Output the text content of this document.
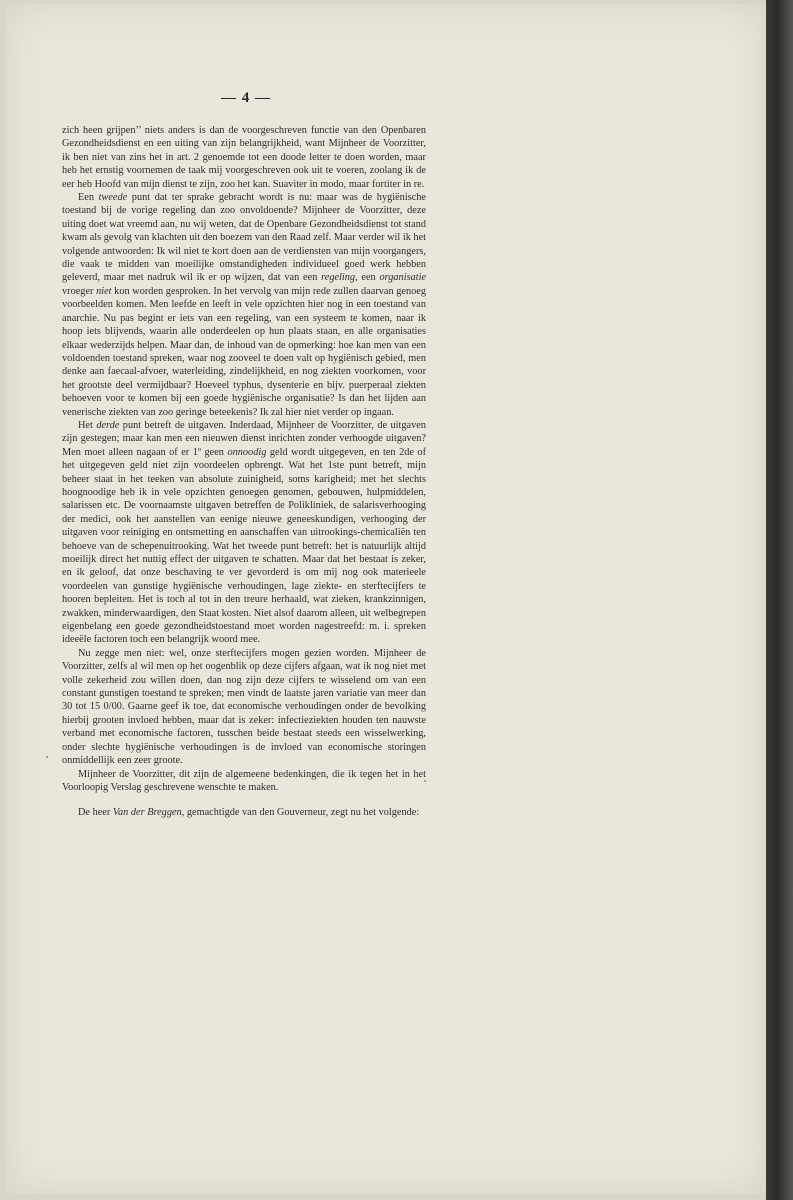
— 4 —

zich heen grijpen’’ niets anders is dan de voorgeschreven functie van den Openbaren Gezondheidsdienst en een uiting van zijn belangrijkheid, want Mijnheer de Voorzitter, ik ben niet van zins het in art. 2 genoemde tot een doode letter te doen worden, maar heb het ernstig voornemen de taak mij voorgeschreven ook uit te voeren, zoolang ik de eer heb Hoofd van mijn dienst te zijn, zoo het kan. Suaviter in modo, maar fortiter in re.

Een tweede punt dat ter sprake gebracht wordt is nu: maar was de hygiënische toestand bij de vorige regeling dan zoo onvoldoende? Mijnheer de Voorzitter, deze uiting doet wat vreemd aan, nu wij weten, dat de Openbare Gezondheidsdienst tot stand kwam als gevolg van klachten uit den boezem van den Raad zelf. Maar verder wil ik het volgende antwoorden: Ik wil niet te kort doen aan de verdiensten van mijn voorgangers, die vaak te midden van moeilijke omstandigheden individueel goed werk hebben geleverd, maar met nadruk wil ik er op wijzen, dat van een regeling, een organisatie vroeger niet kon worden gesproken. In het vervolg van mijn rede zullen daarvan genoeg voorbeelden komen. Men leefde en leeft in vele opzichten hier nog in een toestand van anarchie. Nu pas begint er iets van een regeling, van een systeem te komen, naar ik hoop iets blijvends, waarin alle onderdeelen op hun plaats staan, en alle organisaties elkaar wederzijds helpen. Maar dan, de inhoud van de opmerking: hoe kan men van een voldoenden toestand spreken, waar nog zooveel te doen valt op hygiënisch gebied, men denke aan faecaal-afvoer, waterleiding, zindelijkheid, en nog ziekten voorkomen, voor het grootste deel vermijdbaar? Hoeveel typhus, dysenterie en bijv. puerperaal ziekten behoeven voor te komen bij een goede hygiënische organisatie? Is dan het lijden aan venerische ziekten van zoo geringe beteekenis? Ik zal hier niet verder op ingaan.

Het derde punt betreft de uitgaven. Inderdaad, Mijnheer de Voorzitter, de uitgaven zijn gestegen; maar kan men een nieuwen dienst inrichten zonder verhoogde uitgaven? Men moet alleen nagaan of er 1º geen onnoodig geld wordt uitgegeven, en ten 2de of het uitgegeven geld niet zijn voordeelen opbrengt. Wat het 1ste punt betreft, mijn beheer staat in het teeken van absolute zuinigheid, soms karigheid; met het slechts hoognoodige heb ik in vele opzichten genoegen genomen, gebouwen, hulpmiddelen, salarissen etc. De voornaamste uitgaven betreffen de Polikliniek, de salarisverhooging der medici, ook het aanstellen van eenige nieuwe geneeskundigen, verhooging der uitgaven voor reiniging en ontsmetting en aanschaffen van uitrookings-chemicaliën ten behoeve van de schepenuitrooking. Wat het tweede punt betreft: het is natuurlijk altijd moeilijk direct het nuttig effect der uitgaven te schatten. Maar dat het bestaat is zeker, en ik geloof, dat onze beschaving te ver gevorderd is om mij nog ook materieele voordeelen van gunstige hygiënische verhoudingen, lage ziekte- en sterftecijfers te hooren bepleiten. Het is toch al tot in den treure herhaald, wat zieken, krankzinnigen, zwakken, minderwaardigen, den Staat kosten. Niet alsof daarom alleen, uit welbegrepen eigenbelang een goede gezondheidstoestand moet worden nagestreefd: m. i. spreken ideeële factoren toch een belangrijk woord mee.

Nu zegge men niet: wel, onze sterftecijfers mogen gezien worden. Mijnheer de Voorzitter, zelfs al wil men op het oogenblik op deze cijfers afgaan, wat ik nog niet met volle zekerheid zou willen doen, dan nog zijn deze cijfers te wisselend om van een constant gunstigen toestand te spreken; men vindt de laatste jaren variatie van meer dan 30 tot 15 0/00. Gaarne geef ik toe, dat economische verhoudingen onder de bevolking hierbij grooten invloed hebben, maar dat is zeker: infectieziekten houden ten nauwste verband met economische factoren, tusschen beide bestaat steeds een wisselwerking, onder slechte hygiënische verhoudingen is de invloed van economische storingen onmiddellijk een zeer groote.

Mijnheer de Voorzitter, dit zijn de algemeene bedenkingen, die ik tegen het in het Voorloopig Verslag geschrevene wenschte te maken.

De heer Van der Breggen, gemachtigde van den Gouverneur, zegt nu het volgende:
